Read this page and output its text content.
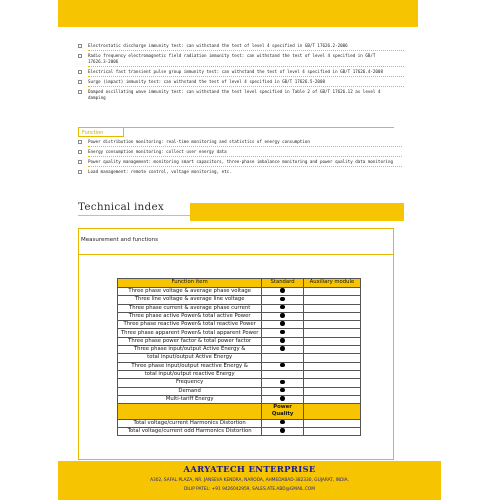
Electrostatic discharge immunity test: can withstand the test of level 4 specified in GB/T 17626.2-2006
Radio frequency electromagnetic field radiation immunity test: can withstand the test of level 4 specified in GB/T 17626.3-2006
Electrical fast transient pulse group immunity test: can withstand the test of level 4 specified in GB/T 17626.4-2008
Surge (impact) immunity test: can withstand the test of level 4 specified in GB/T 17626.5-2008
Damped oscillating wave immunity test: can withstand the test level specified in Table 2 of GB/T 17626.12 as level 4 damping
Function
Power distribution monitoring: real-time monitoring and statistics of energy consumption
Energy consumption monitoring: collect user energy data
Power quality management: monitoring smart capacitors, three-phase imbalance monitoring and power quality data monitoring
Load management: remote control, voltage monitoring, etc.
Technical index
Measurement and functions
Function item	Standard	Auxiliary module
Three phase voltage & average phase voltage		
Three line voltage & average line voltage		
Three phase current & average phase current		
Three phase active Power& total active Power		
Three phase reactive Power& total reactive Power		
Three phase apparent Power& total apparent Power		
Three phase power factor & total power factor		
Three phase input/output Active Energy &		
total input/output Active Energy		
Three phase input/output reactive Energy &		
total input/output reactive Energy		
Frequency		
Demand		
Multi-tariff Energy		
	Power Quality	
Total voltage/current Harmonics Distortion		
Total voltage/current odd Harmonics Distortion		
AARYATECH ENTERPRISE
A302, SAFAL PLAZA, NR. JANSEVA KENDRA, NARODA, AHMEDABAD-382330, GUJARAT, INDIA.
DILIP PATEL: +91 9426042959, SALES.ATE.ABD@GMAIL.COM
